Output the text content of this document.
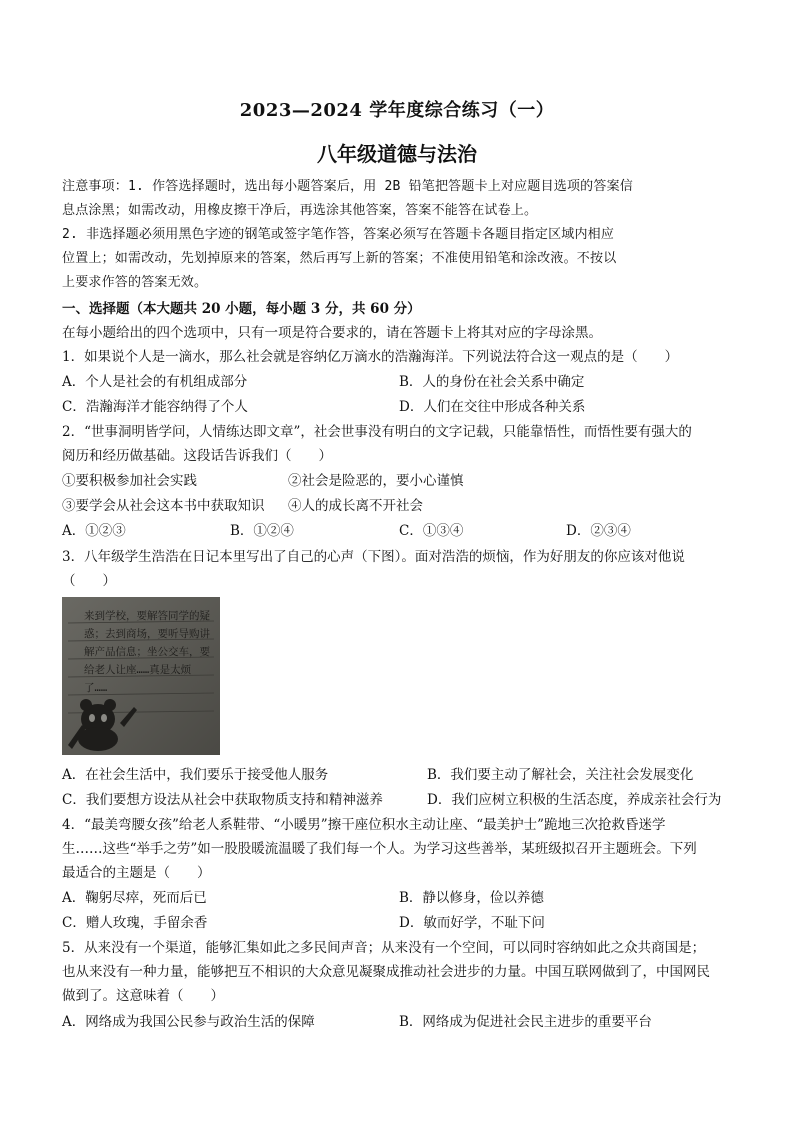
2023—2024 学年度综合练习（一）
八年级道德与法治
注意事项：1. 作答选择题时，选出每小题答案后，用 2B 铅笔把答题卡上对应题目选项的答案信
息点涂黑；如需改动，用橡皮擦干净后，再选涂其他答案，答案不能答在试卷上。
2. 非选择题必须用黑色字迹的钢笔或签字笔作答，答案必须写在答题卡各题目指定区域内相应
位置上；如需改动，先划掉原来的答案，然后再写上新的答案；不准使用铅笔和涂改液。不按以
上要求作答的答案无效。
一、选择题（本大题共 20 小题，每小题 3 分，共 60 分）
在每小题给出的四个选项中，只有一项是符合要求的，请在答题卡上将其对应的字母涂黑。
1．如果说个人是一滴水，那么社会就是容纳亿万滴水的浩瀚海洋。下列说法符合这一观点的是（　　）
A．个人是社会的有机组成部分	B．人的身份在社会关系中确定
C．浩瀚海洋才能容纳得了个人	D．人们在交往中形成各种关系
2．“世事洞明皆学问，人情练达即文章”，社会世事没有明白的文字记载，只能靠悟性，而悟性要有强大的
阅历和经历做基础。这段话告诉我们（　　）
①要积极参加社会实践	②社会是险恶的，要小心谨慎
③要学会从社会这本书中获取知识 ④人的成长离不开社会
A．①②③	B．①②④	C．①③④	D．②③④
3．八年级学生浩浩在日记本里写出了自己的心声（下图）。面对浩浩的烦恼，作为好朋友的你应该对他说
（　　）
来到学校，要解答同学的疑惑；去到商场，要听导购讲解产品信息；坐公交车，要给老人让座……真是太烦了……
A．在社会生活中，我们要乐于接受他人服务	B．我们要主动了解社会，关注社会发展变化
C．我们要想方设法从社会中获取物质支持和精神滋养	D．我们应树立积极的生活态度，养成亲社会行为
4．“最美弯腰女孩”给老人系鞋带、“小暖男”擦干座位积水主动让座、“最美护士”跪地三次抢救昏迷学
生……这些“举手之劳”如一股股暖流温暖了我们每一个人。为学习这些善举，某班级拟召开主题班会。下列
最适合的主题是（　　）
A．鞠躬尽瘁，死而后已	B．静以修身，俭以养德
C．赠人玫瑰，手留余香	D．敏而好学，不耻下问
5．从来没有一个渠道，能够汇集如此之多民间声音；从来没有一个空间，可以同时容纳如此之众共商国是；
也从来没有一种力量，能够把互不相识的大众意见凝聚成推动社会进步的力量。中国互联网做到了，中国网民
做到了。这意味着（　　）
A．网络成为我国公民参与政治生活的保障	B．网络成为促进社会民主进步的重要平台
